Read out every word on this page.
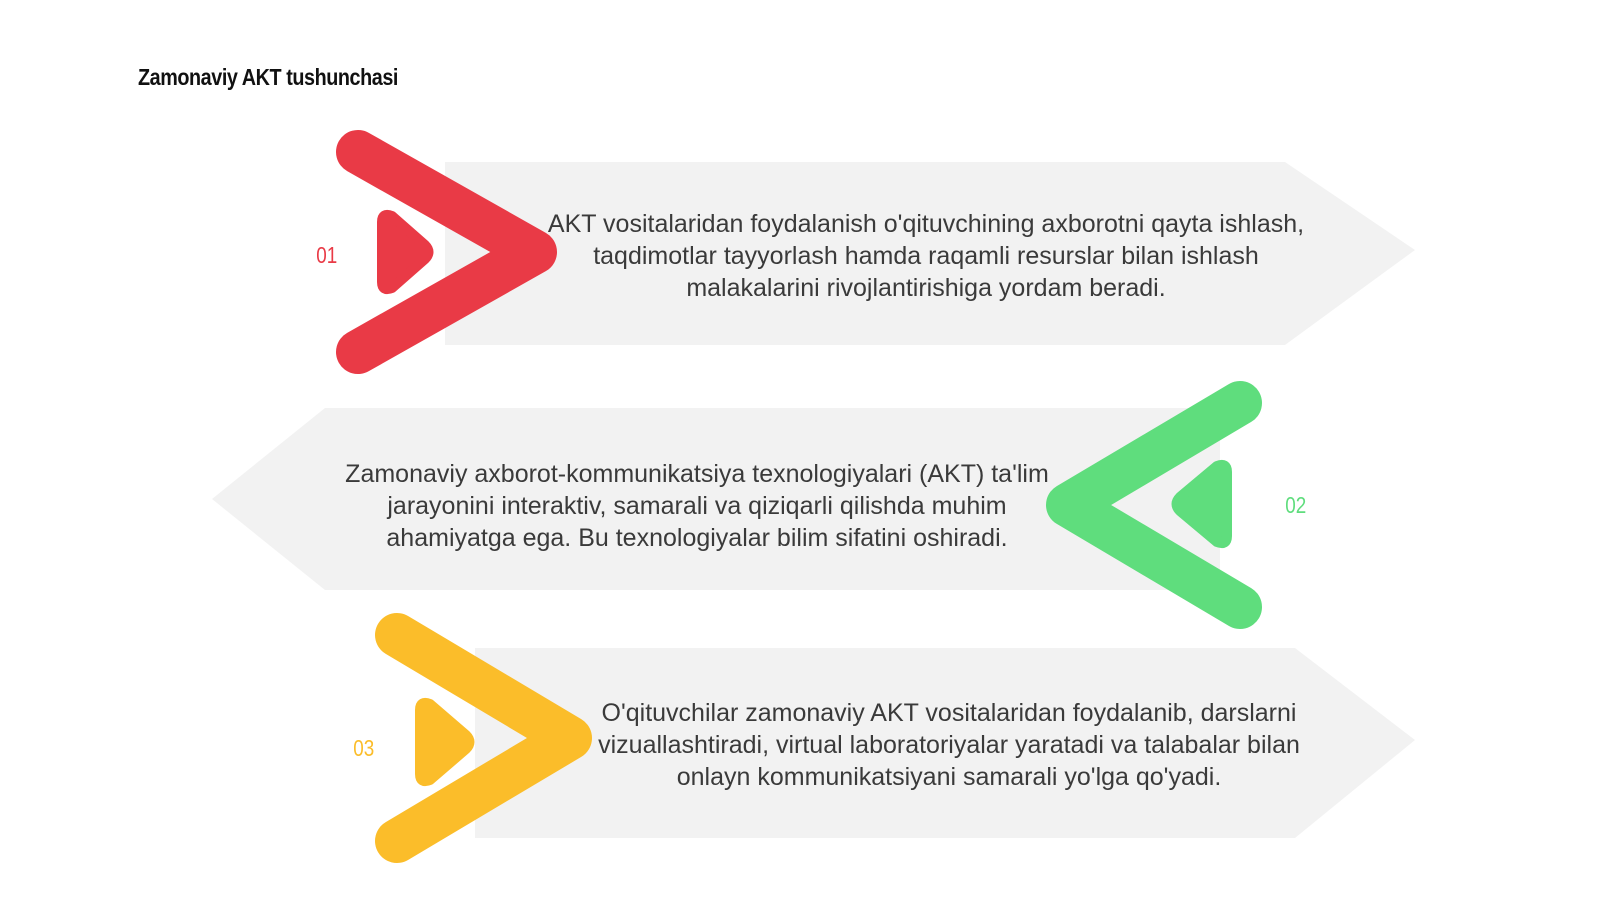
Zamonaviy AKT tushunchasi
01
02
03
AKT vositalaridan foydalanish o'qituvchining axborotni qayta ishlash,
taqdimotlar tayyorlash hamda raqamli resurslar bilan ishlash
malakalarini rivojlantirishiga yordam beradi.
Zamonaviy axborot-kommunikatsiya texnologiyalari (AKT) ta'lim
jarayonini interaktiv, samarali va qiziqarli qilishda muhim
ahamiyatga ega. Bu texnologiyalar bilim sifatini oshiradi.
O'qituvchilar zamonaviy AKT vositalaridan foydalanib, darslarni
vizuallashtiradi, virtual laboratoriyalar yaratadi va talabalar bilan
onlayn kommunikatsiyani samarali yo'lga qo'yadi.
